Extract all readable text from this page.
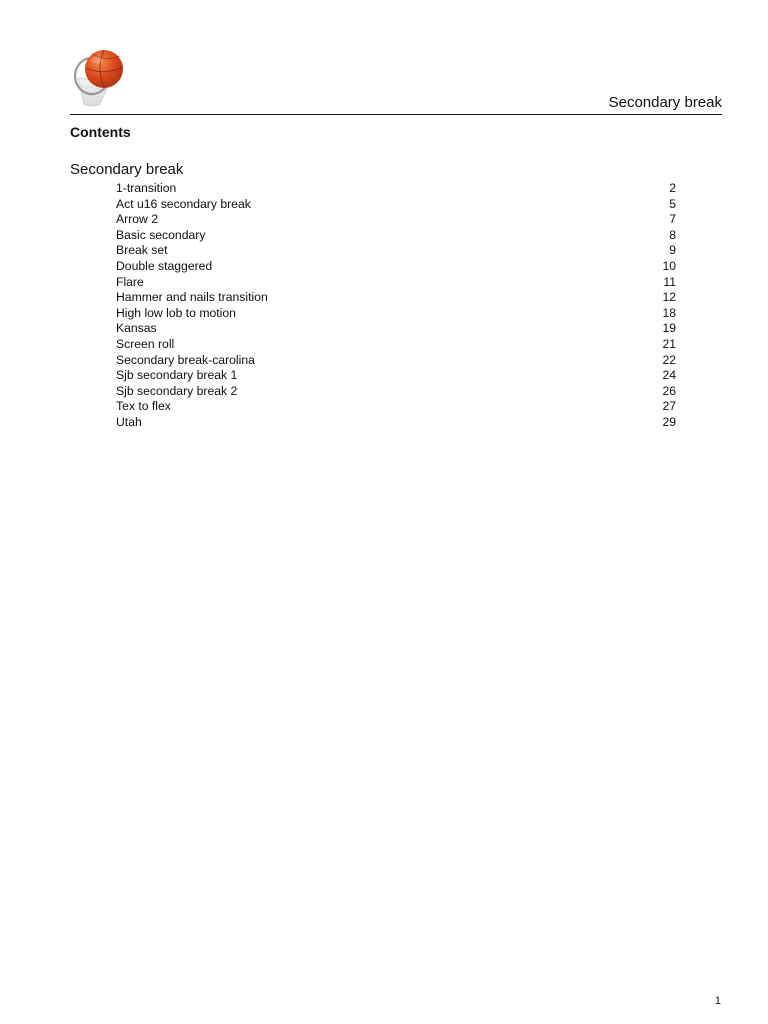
Secondary break
Contents
Secondary break
1-transition	2
Act u16 secondary break	5
Arrow 2	7
Basic secondary	8
Break set	9
Double staggered	10
Flare	11
Hammer and nails transition	12
High low lob to motion	18
Kansas	19
Screen roll	21
Secondary break-carolina	22
Sjb secondary break 1	24
Sjb secondary break 2	26
Tex to flex	27
Utah	29
1
